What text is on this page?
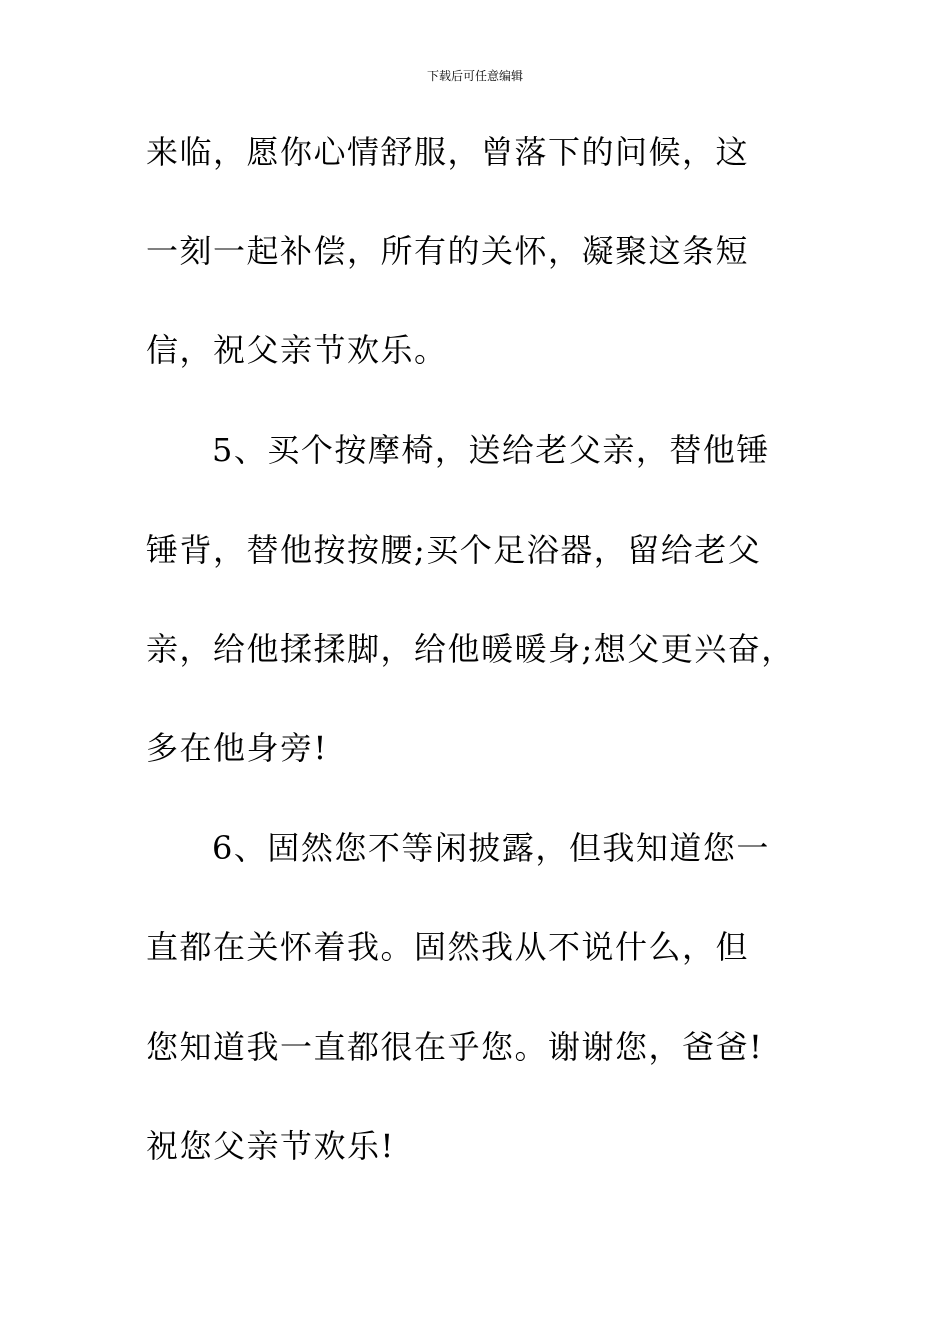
下载后可任意编辑
来临，愿你心情舒服，曾落下的问候，这
一刻一起补偿，所有的关怀，凝聚这条短
信，祝父亲节欢乐。
5、买个按摩椅，送给老父亲，替他锤
锤背，替他按按腰;买个足浴器，留给老父
亲，给他揉揉脚，给他暖暖身;想父更兴奋，
多在他身旁!
6、固然您不等闲披露，但我知道您一
直都在关怀着我。固然我从不说什么，但
您知道我一直都很在乎您。谢谢您，爸爸!
祝您父亲节欢乐!
